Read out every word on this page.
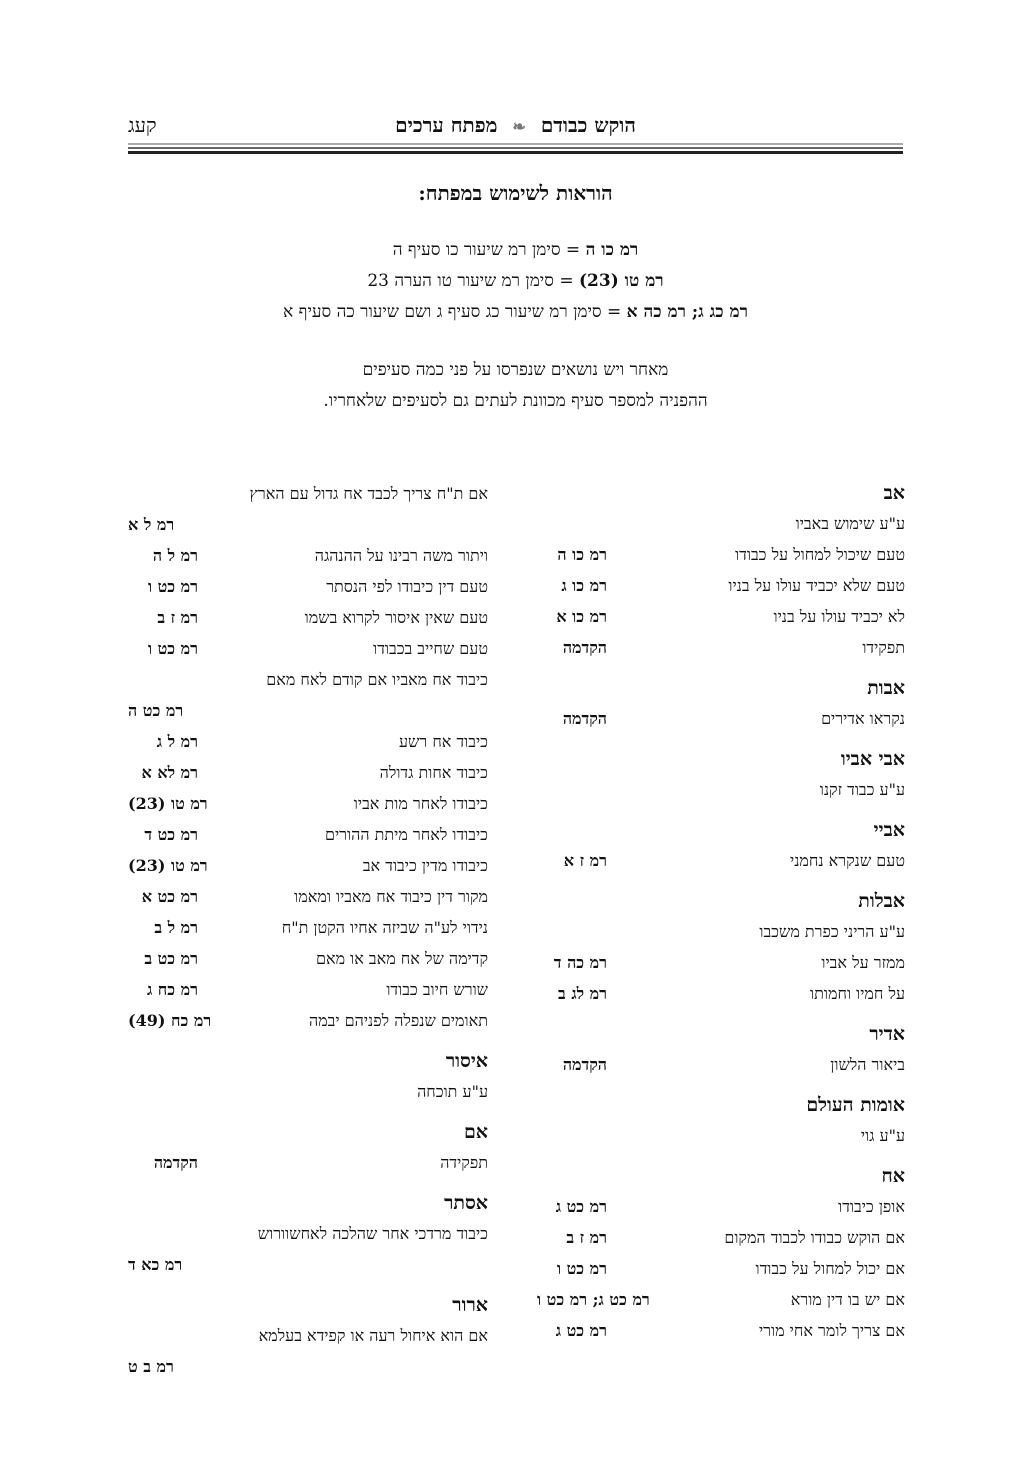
הוקש כבודם ❧ מפתח ערכים
קעג
הוראות לשימוש במפתח:
רמ כו ה = סימן רמ שיעור כו סעיף ה
רמ טו (23) = סימן רמ שיעור טו הערה 23
רמ כג ג; רמ כה א = סימן רמ שיעור כג סעיף ג ושם שיעור כה סעיף א
מאחר ויש נושאים שנפרסו על פני כמה סעיפים
ההפניה למספר סעיף מכוונת לעתים גם לסעיפים שלאחריו.
אב
ע"ע שימוש באביו
טעם שיכול למחול על כבודו
רמ כו ה
טעם שלא יכביד עולו על בניו
רמ כו ג
לא יכביד עולו על בניו
רמ כו א
תפקידו
הקדמה
אבות
נקראו אדירים
הקדמה
אבי אביו
ע"ע כבוד זקנו
אביי
טעם שנקרא נחמני
רמ ז א
אבלות
ע"ע הריני כפרת משכבו
ממזר על אביו
רמ כה ד
על חמיו וחמותו
רמ לג ב
אדיר
ביאור הלשון
הקדמה
אומות העולם
ע"ע גוי
אח
אופן כיבודו
רמ כט ג
אם הוקש כבודו לכבוד המקום
רמ ז ב
אם יכול למחול על כבודו
רמ כט ו
אם יש בו דין מורא
רמ כט ג; רמ כט ו
אם צריך לומר אחי מורי
רמ כט ג
אם ת"ח צריך לכבד אח גדול עם הארץ
רמ ל א
ויתור משה רבינו על ההנהגה
רמ ל ה
טעם דין כיבודו לפי הנסתר
רמ כט ו
טעם שאין איסור לקרוא בשמו
רמ ז ב
טעם שחייב בכבודו
רמ כט ו
כיבוד אח מאביו אם קודם לאח מאם
רמ כט ה
כיבוד אח רשע
רמ ל ג
כיבוד אחות גדולה
רמ לא א
כיבודו לאחר מות אביו
רמ טו (23)
כיבודו לאחר מיתת ההורים
רמ כט ד
כיבודו מדין כיבוד אב
רמ טו (23)
מקור דין כיבוד אח מאביו ומאמו
רמ כט א
נידוי לע"ה שביזה אחיו הקטן ת"ח
רמ ל ב
קדימה של אח מאב או מאם
רמ כט ב
שורש חיוב כבודו
רמ כח ג
תאומים שנפלה לפניהם יבמה
רמ כח (49)
איסור
ע"ע תוכחה
אם
תפקידה
הקדמה
אסתר
כיבוד מרדכי אחר שהלכה לאחשוורוש
רמ כא ד
ארור
אם הוא איחול רעה או קפידא בעלמא
רמ ב ט
